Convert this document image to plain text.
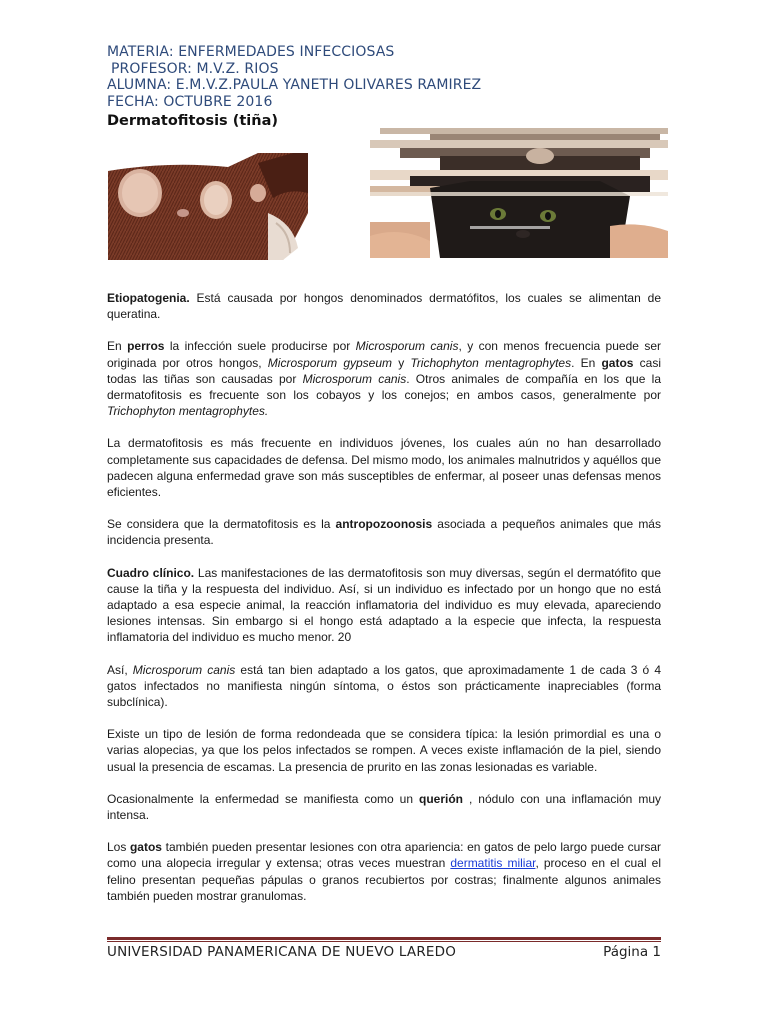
MATERIA: ENFERMEDADES INFECCIOSAS
PROFESOR: M.V.Z. RIOS
ALUMNA: E.M.V.Z.PAULA YANETH OLIVARES RAMIREZ
FECHA: OCTUBRE 2016
Dermatofitosis (tiña)

Etiopatogenia. Está causada por hongos denominados dermatófitos, los cuales se alimentan de queratina.

En perros la infección suele producirse por Microsporum canis, y con menos frecuencia puede ser originada por otros hongos, Microsporum gypseum y Trichophyton mentagrophytes. En gatos casi todas las tiñas son causadas por Microsporum canis. Otros animales de compañía en los que la dermatofitosis es frecuente son los cobayos y los conejos; en ambos casos, generalmente por Trichophyton mentagrophytes.

La dermatofitosis es más frecuente en individuos jóvenes, los cuales aún no han desarrollado completamente sus capacidades de defensa. Del mismo modo, los animales malnutridos y aquéllos que padecen alguna enfermedad grave son más susceptibles de enfermar, al poseer unas defensas menos eficientes.

Se considera que la dermatofitosis es la antropozoonosis asociada a pequeños animales que más incidencia presenta.

Cuadro clínico. Las manifestaciones de las dermatofitosis son muy diversas, según el dermatófito que cause la tiña y la respuesta del individuo. Así, si un individuo es infectado por un hongo que no está adaptado a esa especie animal, la reacción inflamatoria del individuo es muy elevada, apareciendo lesiones intensas. Sin embargo si el hongo está adaptado a la especie que infecta, la respuesta inflamatoria del individuo es mucho menor. 20

Así, Microsporum canis está tan bien adaptado a los gatos, que aproximadamente 1 de cada 3 ó 4 gatos infectados no manifiesta ningún síntoma, o éstos son prácticamente inapreciables (forma subclínica).

Existe un tipo de lesión de forma redondeada que se considera típica: la lesión primordial es una o varias alopecias, ya que los pelos infectados se rompen. A veces existe inflamación de la piel, siendo usual la presencia de escamas. La presencia de prurito en las zonas lesionadas es variable.

Ocasionalmente la enfermedad se manifiesta como un querión , nódulo con una inflamación muy intensa.

Los gatos también pueden presentar lesiones con otra apariencia: en gatos de pelo largo puede cursar como una alopecia irregular y extensa; otras veces muestran dermatitis miliar, proceso en el cual el felino presentan pequeñas pápulas o granos recubiertos por costras; finalmente algunos animales también pueden mostrar granulomas.

UNIVERSIDAD PANAMERICANA DE NUEVO LAREDO	Página 1
